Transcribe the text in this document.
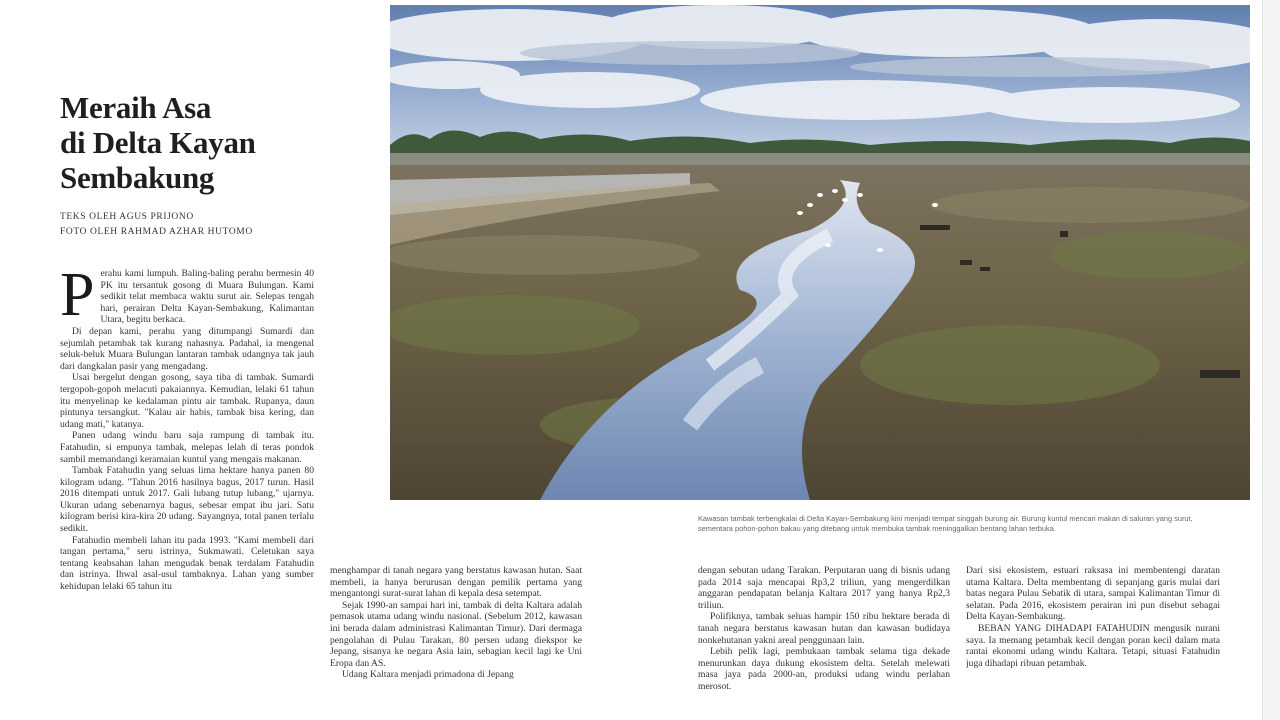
Meraih Asa
di Delta Kayan
Sembakung
TEKS OLEH AGUS PRIJONO
FOTO OLEH RAHMAD AZHAR HUTOMO
P erahu kami lumpuh. Baling-baling perahu bermesin 40 PK itu tersantuk gosong di Muara Bulungan. Kami sedikit telat membaca waktu surut air. Selepas tengah hari, perairan Delta Kayan-Sembakung, Kalimantan Utara, begitu berkaca.

Di depan kami, perahu yang ditumpangi Sumardi dan sejumlah petambak tak kurang nahasnya. Padahal, ia mengenal seluk-beluk Muara Bulungan lantaran tambak udangnya tak jauh dari dangkalan pasir yang mengadang.

Usai bergelut dengan gosong, saya tiba di tambak. Sumardi tergopoh-gopoh melacuti pakaiannya. Kemudian, lelaki 61 tahun itu menyelinap ke kedalaman pintu air tambak. Rupanya, daun pintunya tersangkut. "Kalau air habis, tambak bisa kering, dan udang mati," katanya.

Panen udang windu baru saja rampung di tambak itu. Fatahudin, si empunya tambak, melepas lelah di teras pondok sambil memandangi keramaian kuntul yang mengais makanan.

Tambak Fatahudin yang seluas lima hektare hanya panen 80 kilogram udang. "Tahun 2016 hasilnya bagus, 2017 turun. Hasil 2016 ditempati untuk 2017. Gali lubang tutup lubang," ujarnya. Ukuran udang sebenarnya bagus, sebesar empat ibu jari. Satu kilogram berisi kira-kira 20 udang. Sayangnya, total panen terlalu sedikit.

Fatahudin membeli lahan itu pada 1993. "Kami membeli dari tangan pertama," seru istrinya, Sukmawati. Celetukan saya tentang keabsahan lahan mengudak benak terdalam Fatahudin dan istrinya. Ihwal asal-usul tambaknya. Lahan yang sumber kehidupan lelaki 65 tahun itu

menghampar di tanah negara yang berstatus kawasan hutan. Saat membeli, ia hanya berurusan dengan pemilik pertama yang mengantongi surat-surat lahan di kepala desa setempat.

Sejak 1990-an sampai hari ini, tambak di delta Kaltara adalah pemasok utama udang windu nasional. (Sebelum 2012, kawasan ini berada dalam administrasi Kalimantan Timur). Dari dermaga pengolahan di Pulau Tarakan, 80 persen udang diekspor ke Jepang, sisanya ke negara Asia lain, sebagian kecil lagi ke Uni Eropa dan AS.

Udang Kaltara menjadi primadona di Jepang

Kawasan tambak terbengkalai di Delta Kayan-Sembakung kini menjadi tempat singgah burung air. Burung kuntul mencari makan di saluran yang surut, sementara pohon-pohon bakau yang ditebang untuk membuka tambak meninggalkan bentang lahan terbuka.

dengan sebutan udang Tarakan. Perputaran uang di bisnis udang pada 2014 saja mencapai Rp3,2 triliun, yang mengerdilkan anggaran pendapatan belanja Kaltara 2017 yang hanya Rp2,3 triliun.

Polifiknya, tambak seluas hampir 150 ribu hektare berada di tanah negara berstatus kawasan hutan dan kawasan budidaya nonkehutanan yakni areal penggunaan lain.

Lebih pelik lagi, pembukaan tambak selama tiga dekade menurunkan daya dukung ekosistem delta. Setelah melewati masa jaya pada 2000-an, produksi udang windu perlahan merosot.

Dari sisi ekosistem, estuari raksasa ini membentengi daratan utama Kaltara. Delta membentang di sepanjang garis mulai dari batas negara Pulau Sebatik di utara, sampai Kalimantan Timur di selatan. Pada 2016, ekosistem perairan ini pun disebut sebagai Delta Kayan-Sembakung.

BEBAN YANG DIHADAPI FATAHUDIN mengusik nurani saya. Ia memang petambak kecil dengan poran kecil dalam mata rantai ekonomi udang windu Kaltara. Tetapi, situasi Fatahudin juga dihadapi ribuan petambak.
